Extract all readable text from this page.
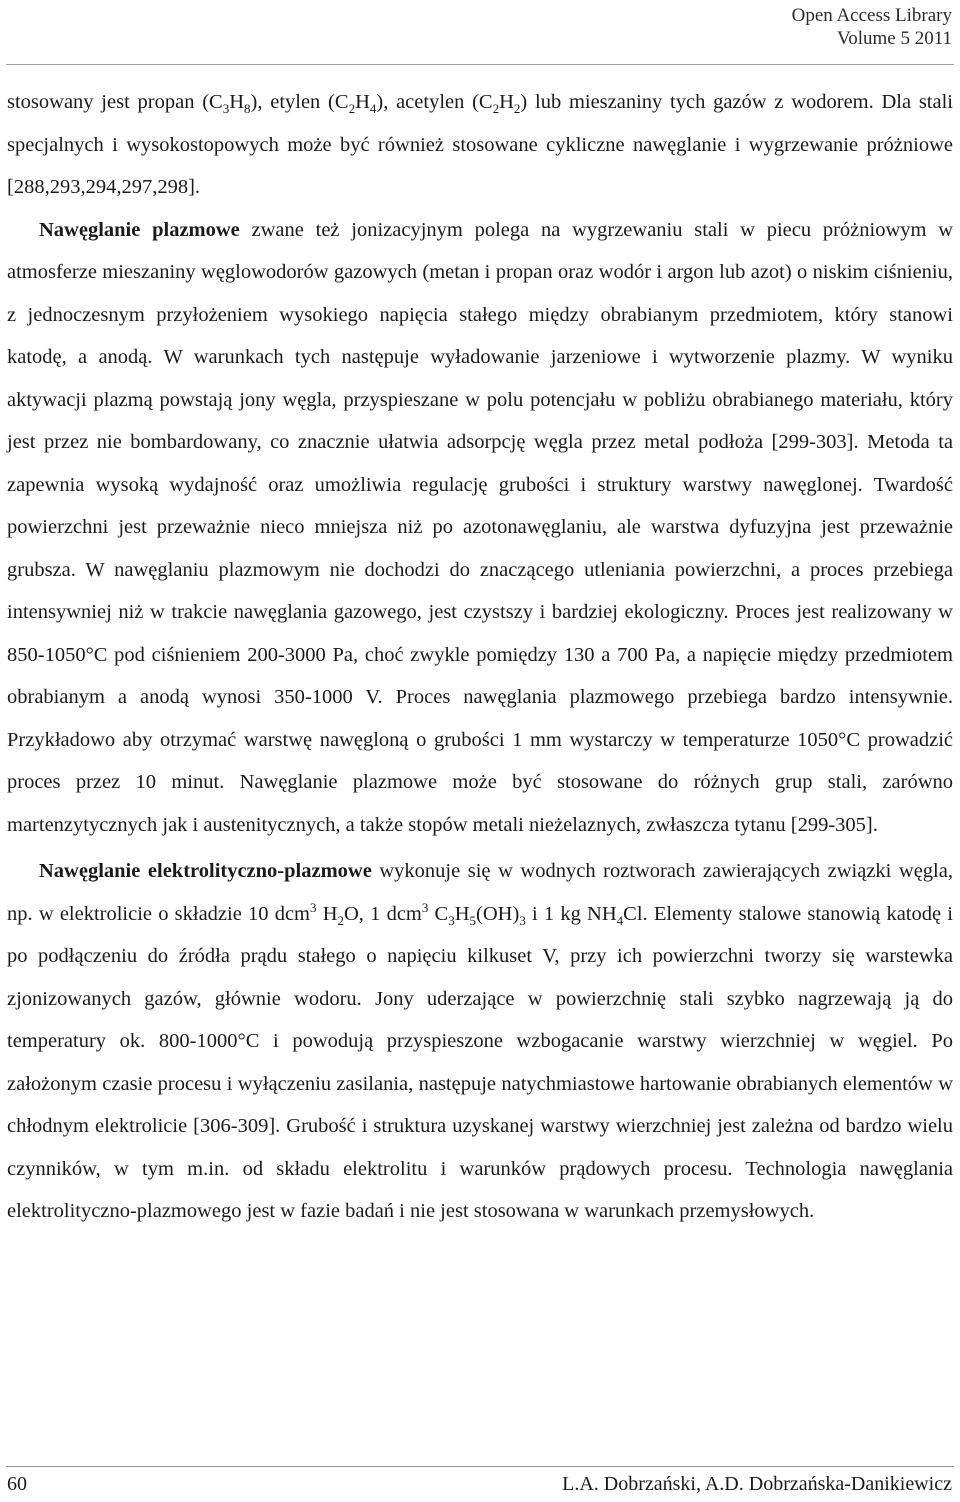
Open Access Library
Volume 5 2011

stosowany jest propan $(C_3H_8)$, etylen $(C_2H_4)$, acetylen $(C_2H_2)$ lub mieszaniny tych gazów z wodorem. Dla stali specjalnych i wysokostopowych może być również stosowane cykliczne nawęglanie i wygrzewanie próżniowe [288,293,294,297,298].

Nawęglanie plazmowe zwane też jonizacyjnym polega na wygrzewaniu stali w piecu próżniowym w atmosferze mieszaniny węglowodorów gazowych (metan i propan oraz wodór i argon lub azot) o niskim ciśnieniu, z jednoczesnym przyłożeniem wysokiego napięcia stałego między obrabianym przedmiotem, który stanowi katodę, a anodą. W warunkach tych następuje wyładowanie jarzeniowe i wytworzenie plazmy. W wyniku aktywacji plazmą powstają jony węgla, przyspieszane w polu potencjału w pobliżu obrabianego materiału, który jest przez nie bombardowany, co znacznie ułatwia adsorpcję węgla przez metal podłoża [299-303]. Metoda ta zapewnia wysoką wydajność oraz umożliwia regulację grubości i struktury warstwy nawęglonej. Twardość powierzchni jest przeważnie nieco mniejsza niż po azotonawęglaniu, ale warstwa dyfuzyjna jest przeważnie grubsza. W nawęglaniu plazmowym nie dochodzi do znaczącego utleniania powierzchni, a proces przebiega intensywniej niż w trakcie nawęglania gazowego, jest czystszy i bardziej ekologiczny. Proces jest realizowany w 850-1050°C pod ciśnieniem 200-3000 Pa, choć zwykle pomiędzy 130 a 700 Pa, a napięcie między przedmiotem obrabianym a anodą wynosi 350-1000 V. Proces nawęglania plazmowego przebiega bardzo intensywnie. Przykładowo aby otrzymać warstwę nawęgloną o grubości 1 mm wystarczy w temperaturze 1050°C prowadzić proces przez 10 minut. Nawęglanie plazmowe może być stosowane do różnych grup stali, zarówno martenzytycznych jak i austenitycznych, a także stopów metali nieżelaznych, zwłaszcza tytanu [299-305].

Nawęglanie elektrolityczno-plazmowe wykonuje się w wodnych roztworach zawierających związki węgla, np. w elektrolicie o składzie 10 dcm$^3$ $H_2O$, 1 dcm$^3$ $C_3H_5(OH)_3$ i 1 kg $NH_4Cl$. Elementy stalowe stanowią katodę i po podłączeniu do źródła prądu stałego o napięciu kilkuset V, przy ich powierzchni tworzy się warstewka zjonizowanych gazów, głównie wodoru. Jony uderzające w powierzchnię stali szybko nagrzewają ją do temperatury ok. 800-1000°C i powodują przyspieszone wzbogacanie warstwy wierzchniej w węgiel. Po założonym czasie procesu i wyłączeniu zasilania, następuje natychmiastowe hartowanie obrabianych elementów w chłodnym elektrolicie [306-309]. Grubość i struktura uzyskanej warstwy wierzchniej jest zależna od bardzo wielu czynników, w tym m.in. od składu elektrolitu i warunków prądowych procesu. Technologia nawęglania elektrolityczno-plazmowego jest w fazie badań i nie jest stosowana w warunkach przemysłowych.

60	L.A. Dobrzański, A.D. Dobrzańska-Danikiewicz
